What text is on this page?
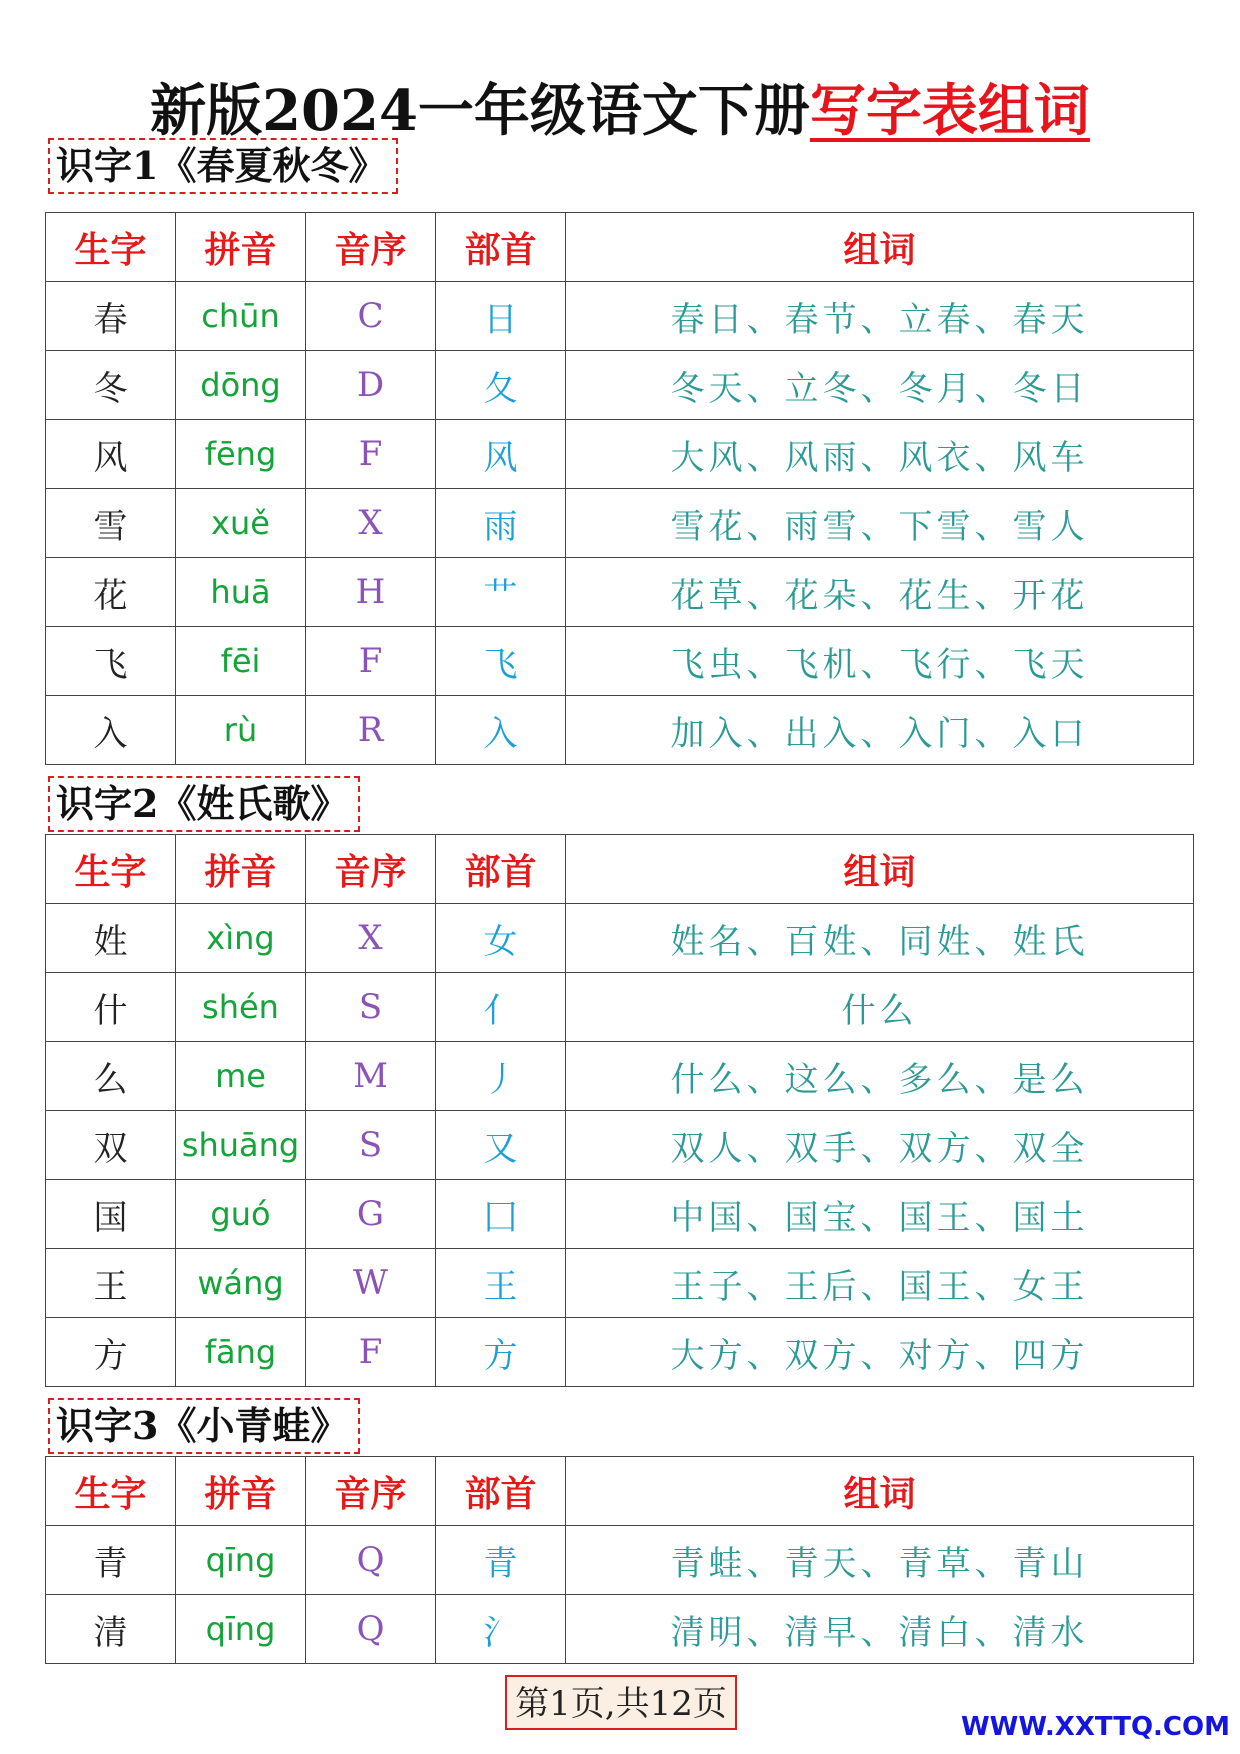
新版2024一年级语文下册写字表组词
识字1《春夏秋冬》
生字	拼音	音序	部首	组词
春	chūn	C	日	春日、春节、立春、春天
冬	dōng	D	夂	冬天、立冬、冬月、冬日
风	fēng	F	风	大风、风雨、风衣、风车
雪	xuě	X	雨	雪花、雨雪、下雪、雪人
花	huā	H	艹	花草、花朵、花生、开花
飞	fēi	F	飞	飞虫、飞机、飞行、飞天
入	rù	R	入	加入、出入、入门、入口
识字2《姓氏歌》
生字	拼音	音序	部首	组词
姓	xìng	X	女	姓名、百姓、同姓、姓氏
什	shén	S	亻	什么
么	me	M	丿	什么、这么、多么、是么
双	shuāng	S	又	双人、双手、双方、双全
国	guó	G	囗	中国、国宝、国王、国土
王	wáng	W	王	王子、王后、国王、女王
方	fāng	F	方	大方、双方、对方、四方
识字3《小青蛙》
生字	拼音	音序	部首	组词
青	qīng	Q	青	青蛙、青天、青草、青山
清	qīng	Q	氵	清明、清早、清白、清水
第1页,共12页
WWW.XXTTQ.COM
